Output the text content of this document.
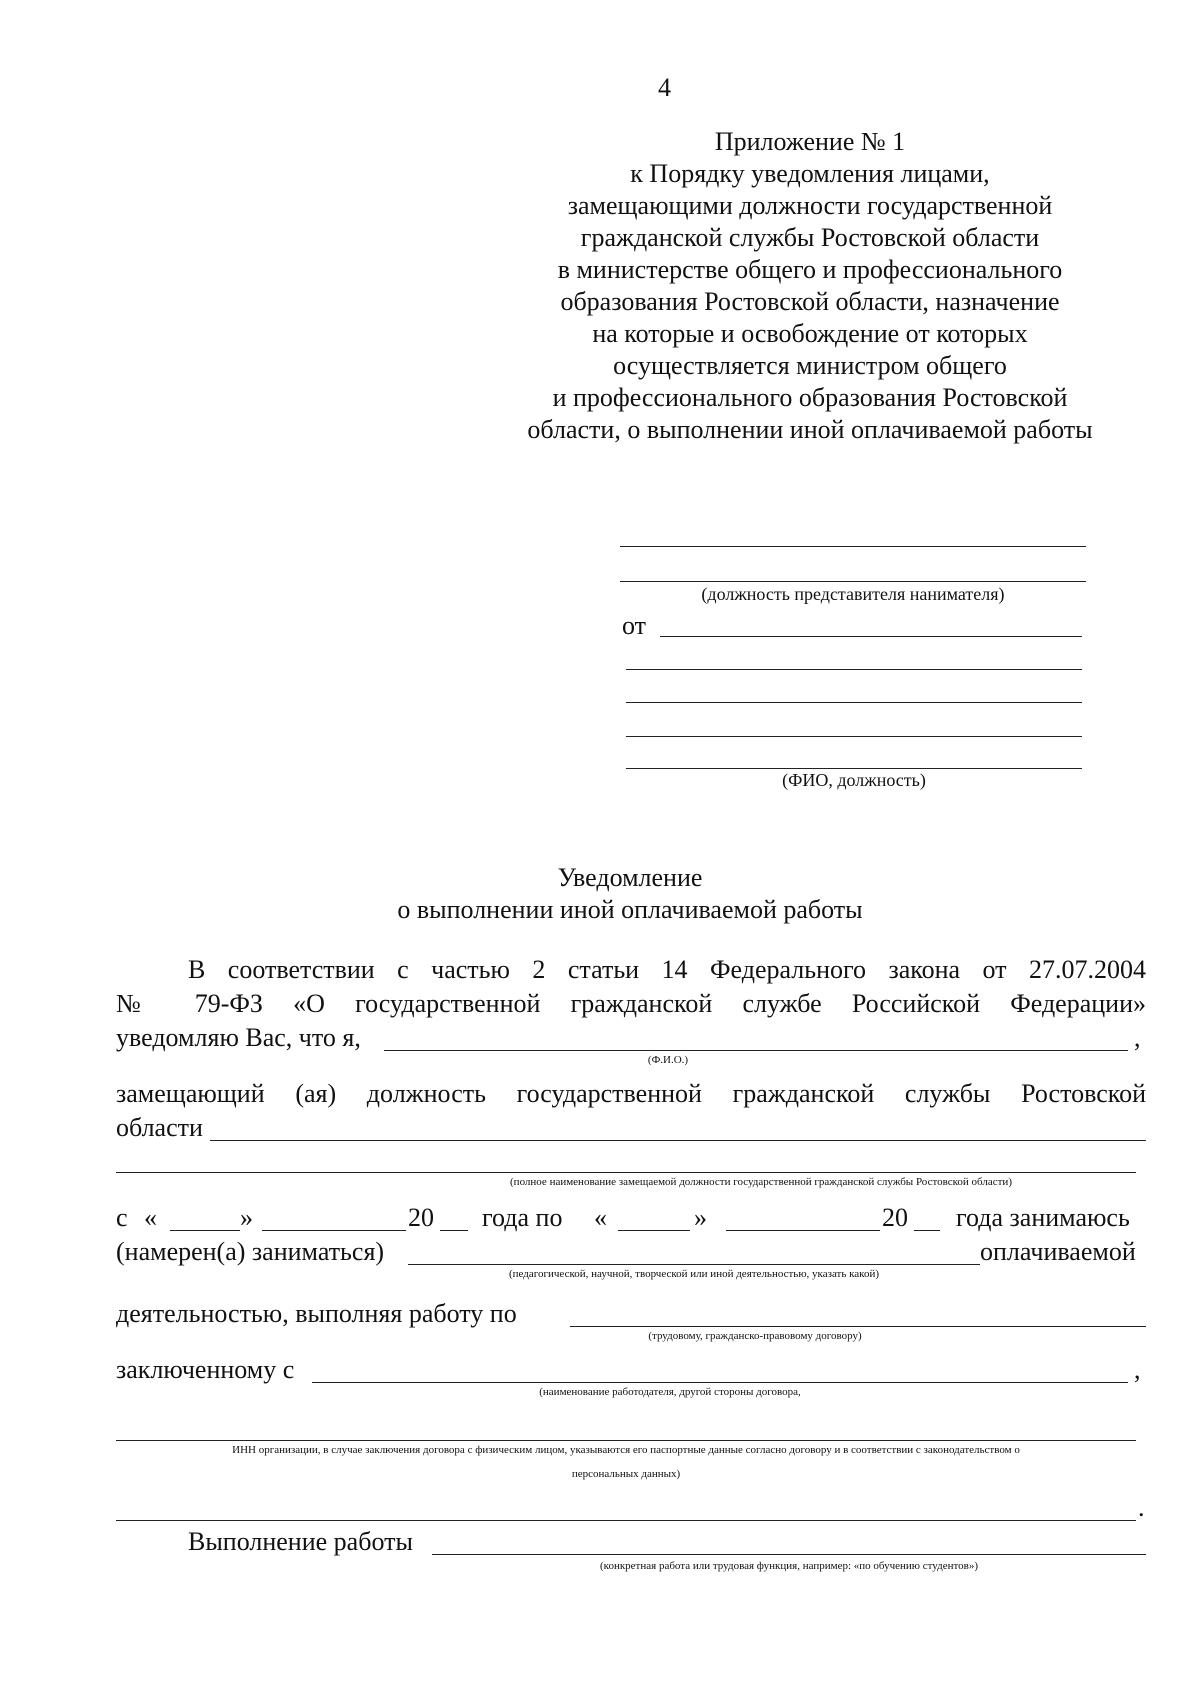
4
Приложение № 1
к Порядку уведомления лицами,
замещающими должности государственной
гражданской службы Ростовской области
в министерстве общего и профессионального
образования Ростовской области, назначение
на которые и освобождение от которых
осуществляется министром общего
и профессионального образования Ростовской
области, о выполнении иной оплачиваемой работы
(должность представителя нанимателя)
от
(ФИО, должность)
Уведомление
о выполнении иной оплачиваемой работы
В соответствии с частью 2 статьи 14 Федерального закона от 27.07.2004
№ 79-ФЗ «О государственной гражданской службе Российской Федерации»
уведомляю Вас, что я,	,
(Ф.И.О.)
замещающий (ая) должность государственной гражданской службы Ростовской
области
(полное наименование замещаемой должности государственной гражданской службы Ростовской области)
с «	»	20 года по «	»	20 года занимаюсь
(намерен(а) заниматься)	оплачиваемой
(педагогической, научной, творческой или иной деятельностью, указать какой)
деятельностью, выполняя работу по
(трудовому, гражданско-правовому договору)
заключенному с	,
(наименование работодателя, другой стороны договора,
ИНН организации, в случае заключения договора с физическим лицом, указываются его паспортные данные согласно договору и в соответствии с законодательством о
персональных данных)
.
Выполнение работы
(конкретная работа или трудовая функция, например: «по обучению студентов»)
